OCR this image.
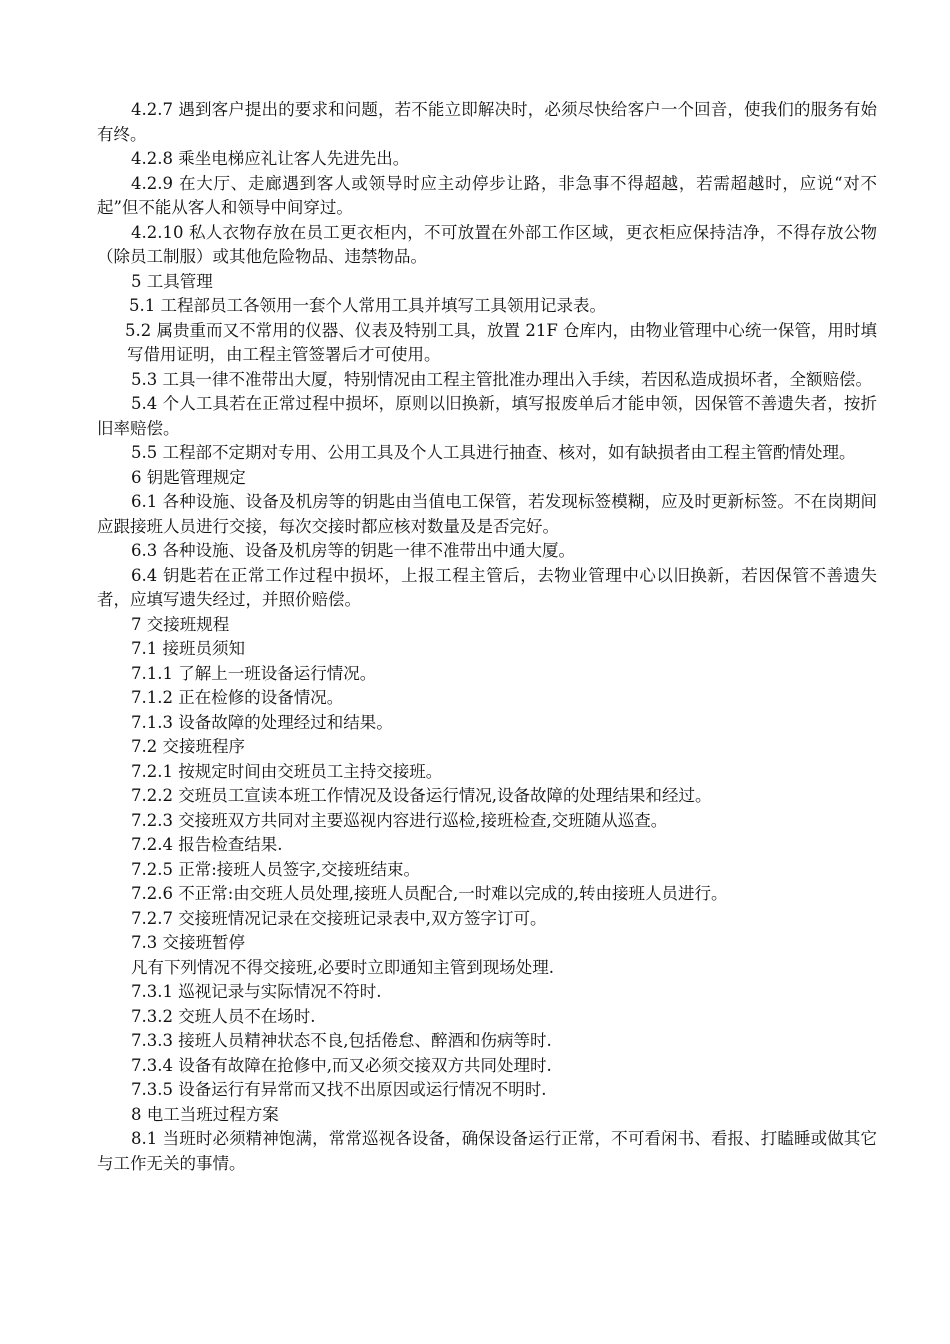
4.2.7 遇到客户提出的要求和问题，若不能立即解决时，必须尽快给客户一个回音，使我们的服务有始有终。

4.2.8 乘坐电梯应礼让客人先进先出。

4.2.9 在大厅、走廊遇到客人或领导时应主动停步让路，非急事不得超越，若需超越时，应说“对不起”但不能从客人和领导中间穿过。

4.2.10 私人衣物存放在员工更衣柜内，不可放置在外部工作区域，更衣柜应保持洁净，不得存放公物（除员工制服）或其他危险物品、违禁物品。

5 工具管理

5.1 工程部员工各领用一套个人常用工具并填写工具领用记录表。

5.2 属贵重而又不常用的仪器、仪表及特别工具，放置 21F 仓库内，由物业管理中心统一保管，用时填写借用证明，由工程主管签署后才可使用。

5.3 工具一律不准带出大厦，特别情况由工程主管批准办理出入手续，若因私造成损坏者，全额赔偿。

5.4 个人工具若在正常过程中损坏，原则以旧换新，填写报废单后才能申领，因保管不善遗失者，按折旧率赔偿。

5.5 工程部不定期对专用、公用工具及个人工具进行抽查、核对，如有缺损者由工程主管酌情处理。

6 钥匙管理规定

6.1 各种设施、设备及机房等的钥匙由当值电工保管，若发现标签模糊，应及时更新标签。不在岗期间应跟接班人员进行交接，每次交接时都应核对数量及是否完好。

6.3 各种设施、设备及机房等的钥匙一律不准带出中通大厦。

6.4 钥匙若在正常工作过程中损坏，上报工程主管后，去物业管理中心以旧换新，若因保管不善遗失者，应填写遗失经过，并照价赔偿。

7 交接班规程

7.1 接班员须知

7.1.1 了解上一班设备运行情况。

7.1.2 正在检修的设备情况。

7.1.3 设备故障的处理经过和结果。

7.2 交接班程序

7.2.1 按规定时间由交班员工主持交接班。

7.2.2 交班员工宣读本班工作情况及设备运行情况,设备故障的处理结果和经过。

7.2.3 交接班双方共同对主要巡视内容进行巡检,接班检查,交班随从巡查。

7.2.4 报告检查结果.

7.2.5 正常:接班人员签字,交接班结束。

7.2.6 不正常:由交班人员处理,接班人员配合,一时难以完成的,转由接班人员进行。

7.2.7 交接班情况记录在交接班记录表中,双方签字订可。

7.3 交接班暂停

凡有下列情况不得交接班,必要时立即通知主管到现场处理.

7.3.1 巡视记录与实际情况不符时.

7.3.2 交班人员不在场时.

7.3.3 接班人员精神状态不良,包括倦怠、醉酒和伤病等时.

7.3.4 设备有故障在抢修中,而又必须交接双方共同处理时.

7.3.5 设备运行有异常而又找不出原因或运行情况不明时.

8 电工当班过程方案

8.1 当班时必须精神饱满，常常巡视各设备，确保设备运行正常，不可看闲书、看报、打瞌睡或做其它与工作无关的事情。
